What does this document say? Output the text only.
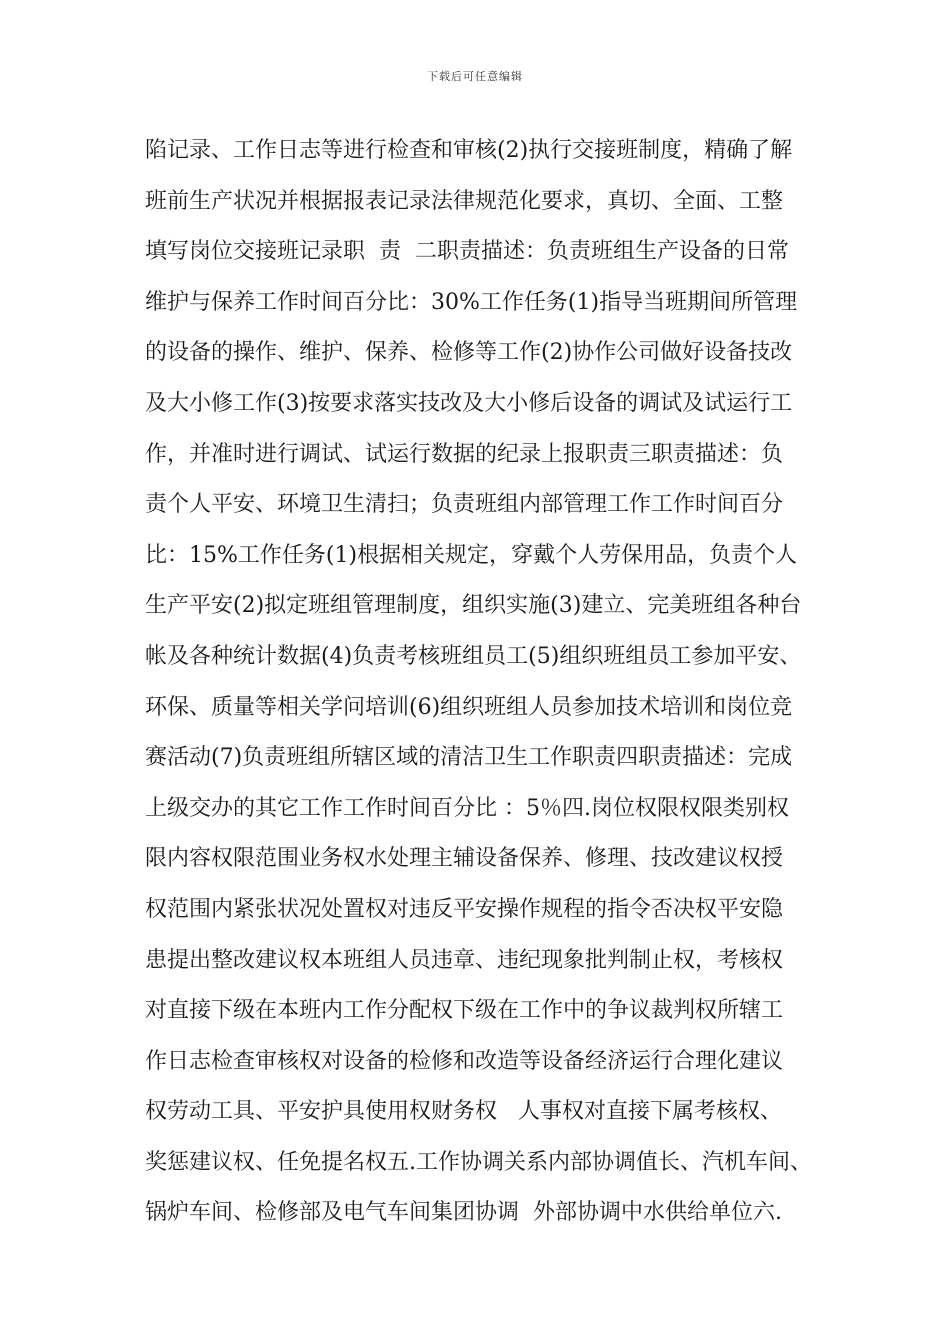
下载后可任意编辑
陷记录、工作日志等进行检查和审核(2)执行交接班制度，精确了解
班前生产状况并根据报表记录法律规范化要求，真切、全面、工整
填写岗位交接班记录职  责  二职责描述：负责班组生产设备的日常
维护与保养工作时间百分比：30%工作任务(1)指导当班期间所管理
的设备的操作、维护、保养、检修等工作(2)协作公司做好设备技改
及大小修工作(3)按要求落实技改及大小修后设备的调试及试运行工
作，并准时进行调试、试运行数据的纪录上报职责三职责描述：负
责个人平安、环境卫生清扫；负责班组内部管理工作工作时间百分
比：15%工作任务(1)根据相关规定，穿戴个人劳保用品，负责个人
生产平安(2)拟定班组管理制度，组织实施(3)建立、完美班组各种台
帐及各种统计数据(4)负责考核班组员工(5)组织班组员工参加平安、
环保、质量等相关学问培训(6)组织班组人员参加技术培训和岗位竞
赛活动(7)负责班组所辖区域的清洁卫生工作职责四职责描述：完成
上级交办的其它工作工作时间百分比 ：5％四.岗位权限权限类别权
限内容权限范围业务权水处理主辅设备保养、修理、技改建议权授
权范围内紧张状况处置权对违反平安操作规程的指令否决权平安隐
患提出整改建议权本班组人员违章、违纪现象批判制止权，考核权
对直接下级在本班内工作分配权下级在工作中的争议裁判权所辖工
作日志检查审核权对设备的检修和改造等设备经济运行合理化建议
权劳动工具、平安护具使用权财务权   人事权对直接下属考核权、
奖惩建议权、任免提名权五.工作协调关系内部协调值长、汽机车间、
锅炉车间、检修部及电气车间集团协调  外部协调中水供给单位六.
